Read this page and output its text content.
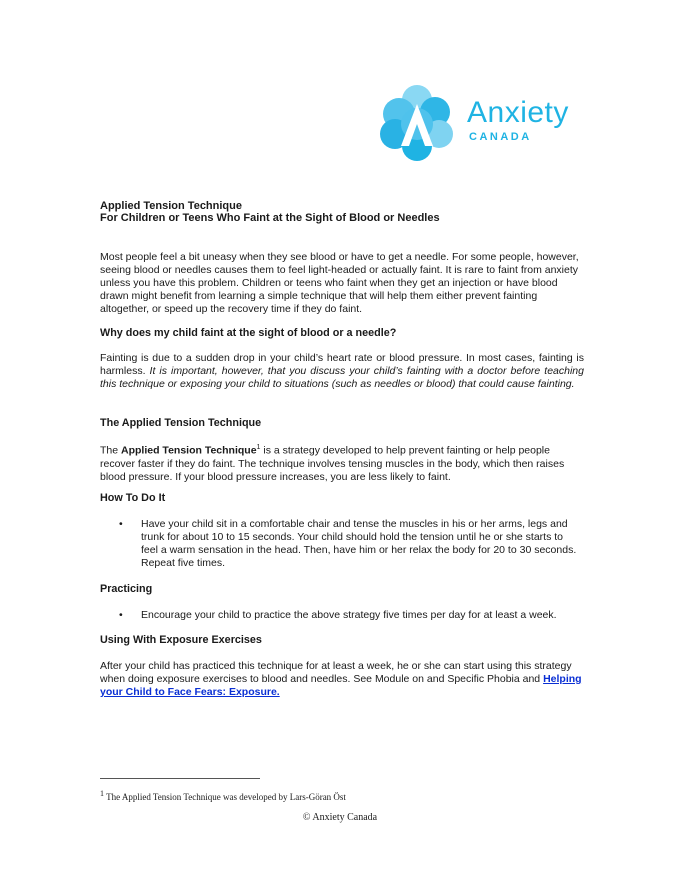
Anxiety
CANADA
Applied Tension Technique
For Children or Teens Who Faint at the Sight of Blood or Needles
Most people feel a bit uneasy when they see blood or have to get a needle. For some people, however, seeing blood or needles causes them to feel light-headed or actually faint. It is rare to faint from anxiety unless you have this problem. Children or teens who faint when they get an injection or have blood drawn might benefit from learning a simple technique that will help them either prevent fainting altogether, or speed up the recovery time if they do faint.
Why does my child faint at the sight of blood or a needle?
Fainting is due to a sudden drop in your child’s heart rate or blood pressure. In most cases, fainting is harmless. It is important, however, that you discuss your child’s fainting with a doctor before teaching this technique or exposing your child to situations (such as needles or blood) that could cause fainting.
The Applied Tension Technique
The Applied Tension Technique$^1$ is a strategy developed to help prevent fainting or help people recover faster if they do faint. The technique involves tensing muscles in the body, which then raises blood pressure. If your blood pressure increases, you are less likely to faint.
How To Do It
• Have your child sit in a comfortable chair and tense the muscles in his or her arms, legs and trunk for about 10 to 15 seconds. Your child should hold the tension until he or she starts to feel a warm sensation in the head. Then, have him or her relax the body for 20 to 30 seconds. Repeat five times.
Practicing
• Encourage your child to practice the above strategy five times per day for at least a week.
Using With Exposure Exercises
After your child has practiced this technique for at least a week, he or she can start using this strategy when doing exposure exercises to blood and needles. See Module on and Specific Phobia and Helping your Child to Face Fears: Exposure.
$^1$ The Applied Tension Technique was developed by Lars-Göran Öst
© Anxiety Canada
